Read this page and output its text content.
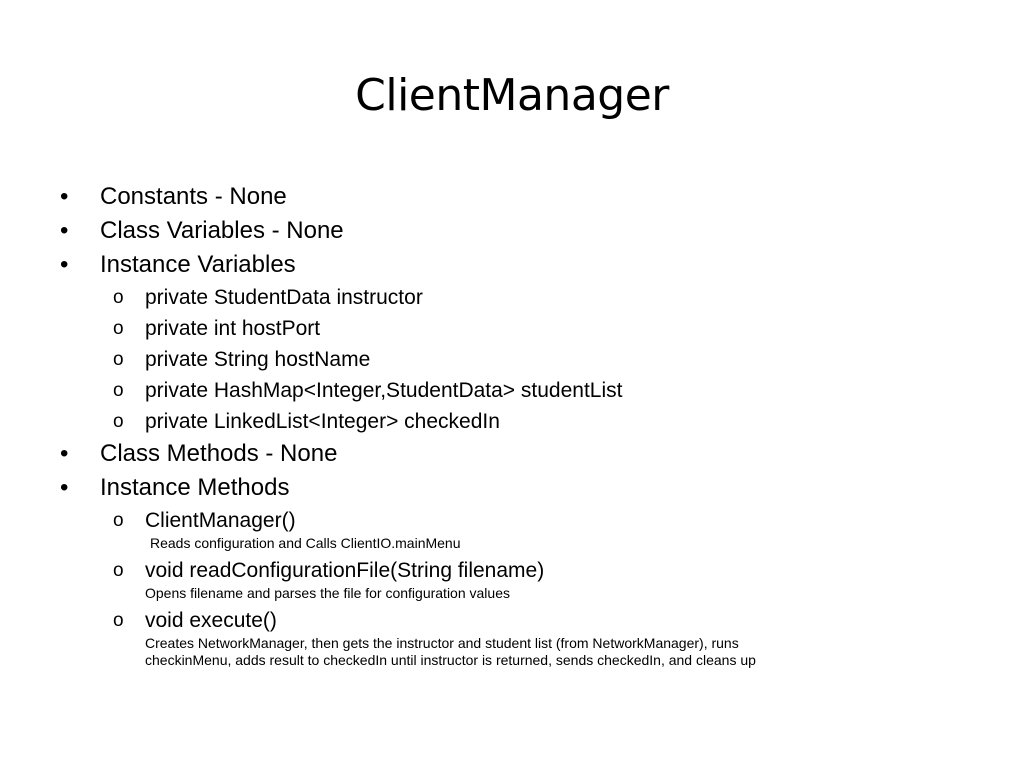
ClientManager
•	Constants - None
•	Class Variables - None
•	Instance Variables
o private StudentData instructor
o private int hostPort
o private String hostName
o private HashMap<Integer,StudentData> studentList
o private LinkedList<Integer> checkedIn
•	Class Methods - None
•	Instance Methods
o ClientManager()
Reads configuration and Calls ClientIO.mainMenu
o void readConfigurationFile(String filename)
Opens filename and parses the file for configuration values
o void execute()
Creates NetworkManager, then gets the instructor and student list (from NetworkManager), runs
checkinMenu, adds result to checkedIn until instructor is returned, sends checkedIn, and cleans up
